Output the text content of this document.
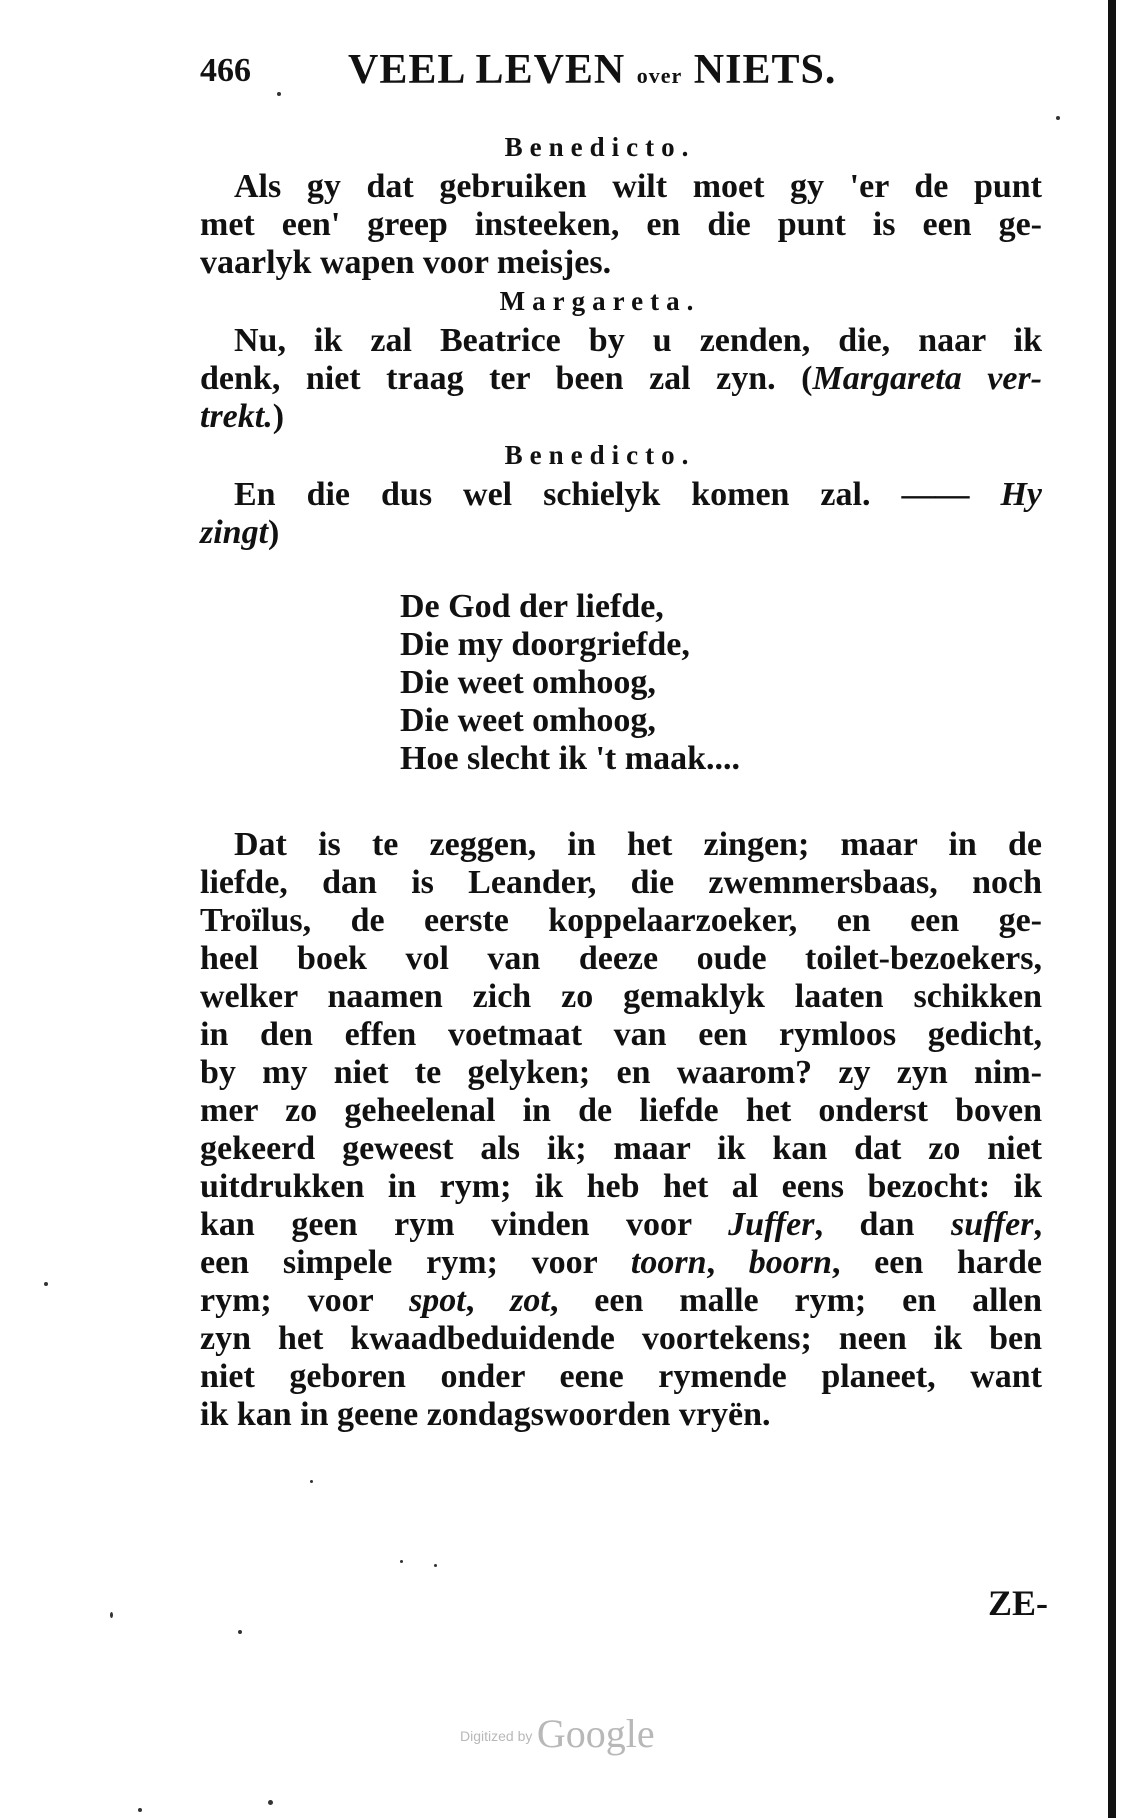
466 VEEL LEVEN over NIETS.
Benedicto.
Als gy dat gebruiken wilt moet gy 'er de punt
met een' greep insteeken, en die punt is een ge-
vaarlyk wapen voor meisjes.
Margareta.
Nu, ik zal Beatrice by u zenden, die, naar ik
denk, niet traag ter been zal zyn. (Margareta ver-
trekt.)
Benedicto.
En die dus wel schielyk komen zal. —— Hy
zingt)
De God der liefde,
Die my doorgriefde,
Die weet omhoog,
Die weet omhoog,
Hoe slecht ik 't maak....
Dat is te zeggen, in het zingen; maar in de
liefde, dan is Leander, die zwemmersbaas, noch
Troïlus, de eerste koppelaarzoeker, en een ge-
heel boek vol van deeze oude toilet-bezoekers,
welker naamen zich zo gemaklyk laaten schikken
in den effen voetmaat van een rymloos gedicht,
by my niet te gelyken; en waarom? zy zyn nim-
mer zo geheelenal in de liefde het onderst boven
gekeerd geweest als ik; maar ik kan dat zo niet
uitdrukken in rym; ik heb het al eens bezocht: ik
kan geen rym vinden voor Juffer, dan suffer,
een simpele rym; voor toorn, boorn, een harde
rym; voor spot, zot, een malle rym; en allen
zyn het kwaadbeduidende voortekens; neen ik ben
niet geboren onder eene rymende planeet, want
ik kan in geene zondagswoorden vryën.
ZE-
Digitized by Google
